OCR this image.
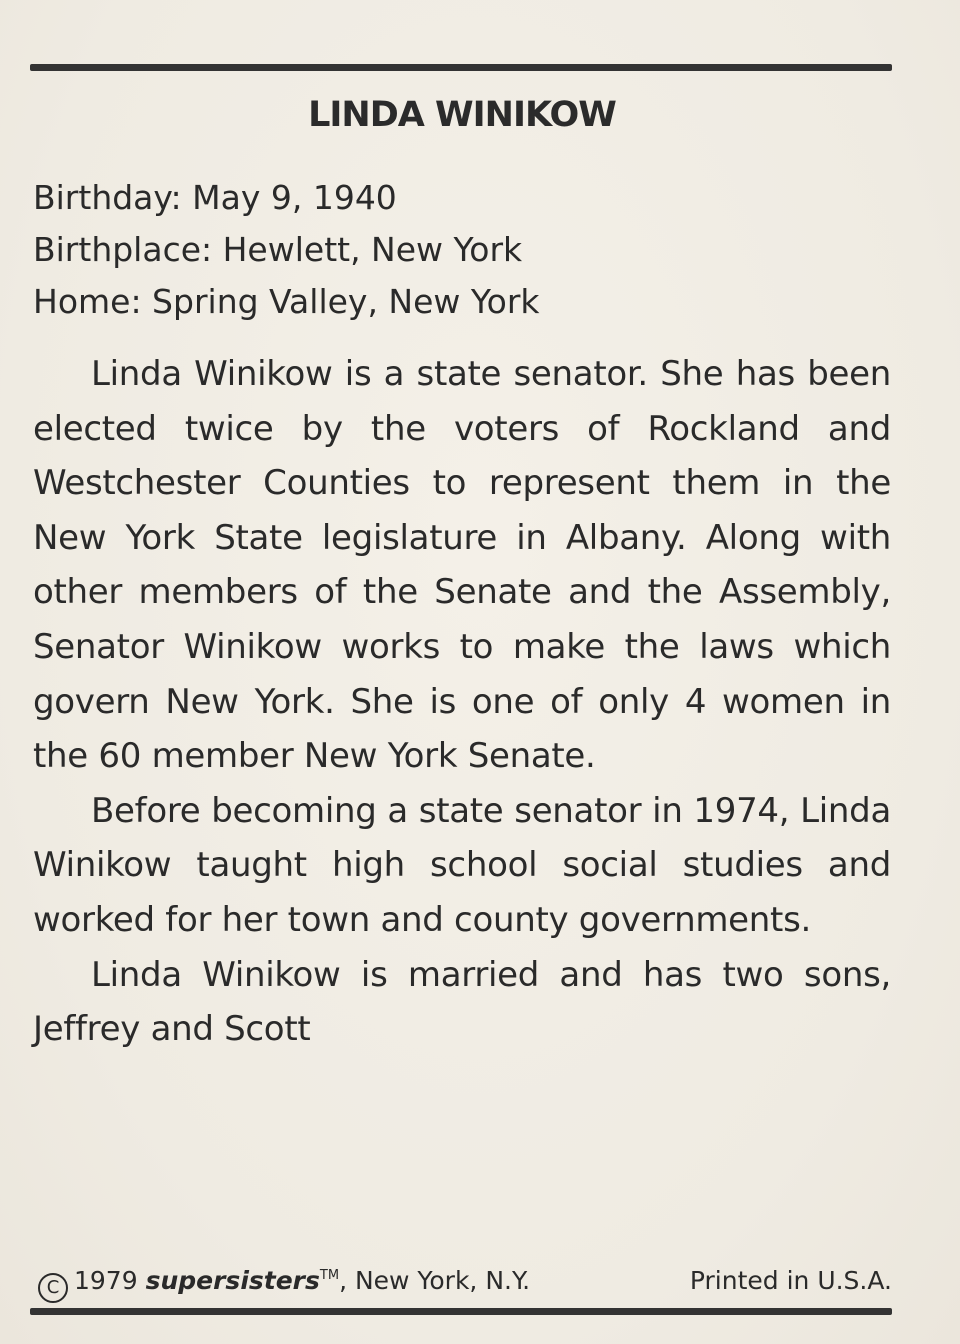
LINDA WINIKOW
Birthday: May 9, 1940
Birthplace: Hewlett, New York
Home: Spring Valley, New York

Linda Winikow is a state senator. She has been elected twice by the voters of Rockland and Westchester Counties to represent them in the New York State legislature in Albany. Along with other members of the Senate and the Assembly, Senator Winikow works to make the laws which govern New York. She is one of only 4 women in the 60 member New York Senate.

Before becoming a state senator in 1974, Linda Winikow taught high school social studies and worked for her town and county governments.

Linda Winikow is married and has two sons, Jeffrey and Scott

C 1979 supersisters™, New York, N.Y.	Printed in U.S.A.
